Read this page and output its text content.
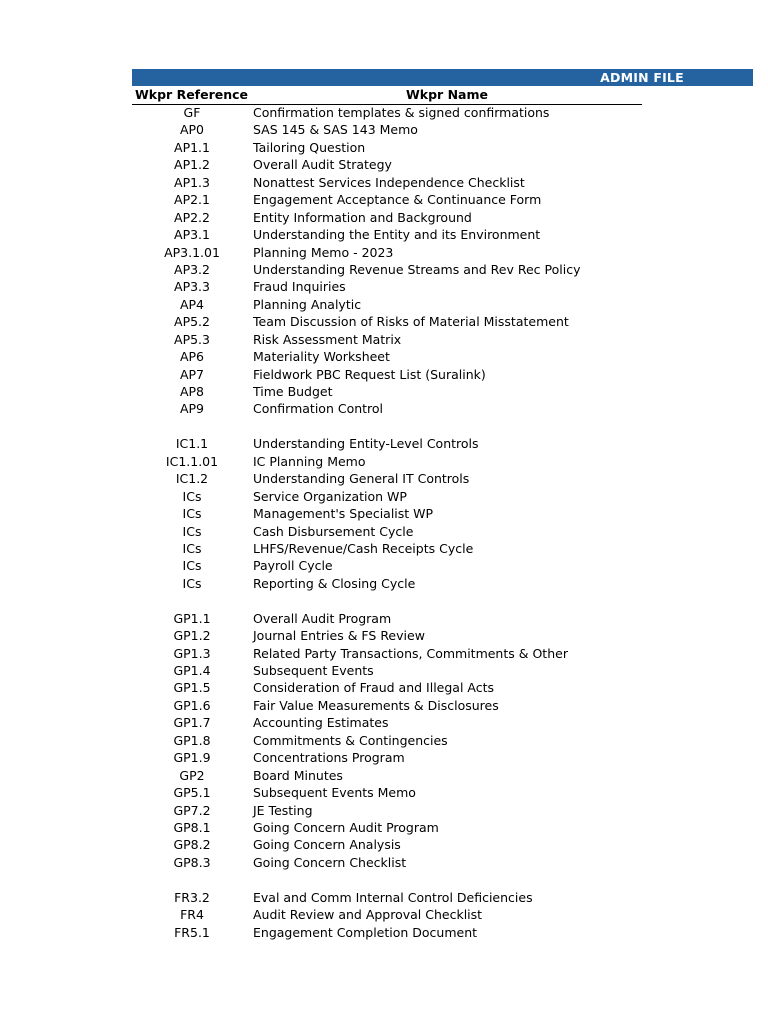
ADMIN FILE
Wkpr Reference	Wkpr Name
GF	Confirmation templates & signed confirmations
AP0	SAS 145 & SAS 143 Memo
AP1.1	Tailoring Question
AP1.2	Overall Audit Strategy
AP1.3	Nonattest Services Independence Checklist
AP2.1	Engagement Acceptance & Continuance Form
AP2.2	Entity Information and Background
AP3.1	Understanding the Entity and its Environment
AP3.1.01	Planning Memo - 2023
AP3.2	Understanding Revenue Streams and Rev Rec Policy
AP3.3	Fraud Inquiries
AP4	Planning Analytic
AP5.2	Team Discussion of Risks of Material Misstatement
AP5.3	Risk Assessment Matrix
AP6	Materiality Worksheet
AP7	Fieldwork PBC Request List (Suralink)
AP8	Time Budget
AP9	Confirmation Control
IC1.1	Understanding Entity-Level Controls
IC1.1.01	IC Planning Memo
IC1.2	Understanding General IT Controls
ICs	Service Organization WP
ICs	Management's Specialist WP
ICs	Cash Disbursement Cycle
ICs	LHFS/Revenue/Cash Receipts Cycle
ICs	Payroll Cycle
ICs	Reporting & Closing Cycle
GP1.1	Overall Audit Program
GP1.2	Journal Entries & FS Review
GP1.3	Related Party Transactions, Commitments & Other
GP1.4	Subsequent Events
GP1.5	Consideration of Fraud and Illegal Acts
GP1.6	Fair Value Measurements & Disclosures
GP1.7	Accounting Estimates
GP1.8	Commitments & Contingencies
GP1.9	Concentrations Program
GP2	Board Minutes
GP5.1	Subsequent Events Memo
GP7.2	JE Testing
GP8.1	Going Concern Audit Program
GP8.2	Going Concern Analysis
GP8.3	Going Concern Checklist
FR3.2	Eval and Comm Internal Control Deficiencies
FR4	Audit Review and Approval Checklist
FR5.1	Engagement Completion Document
